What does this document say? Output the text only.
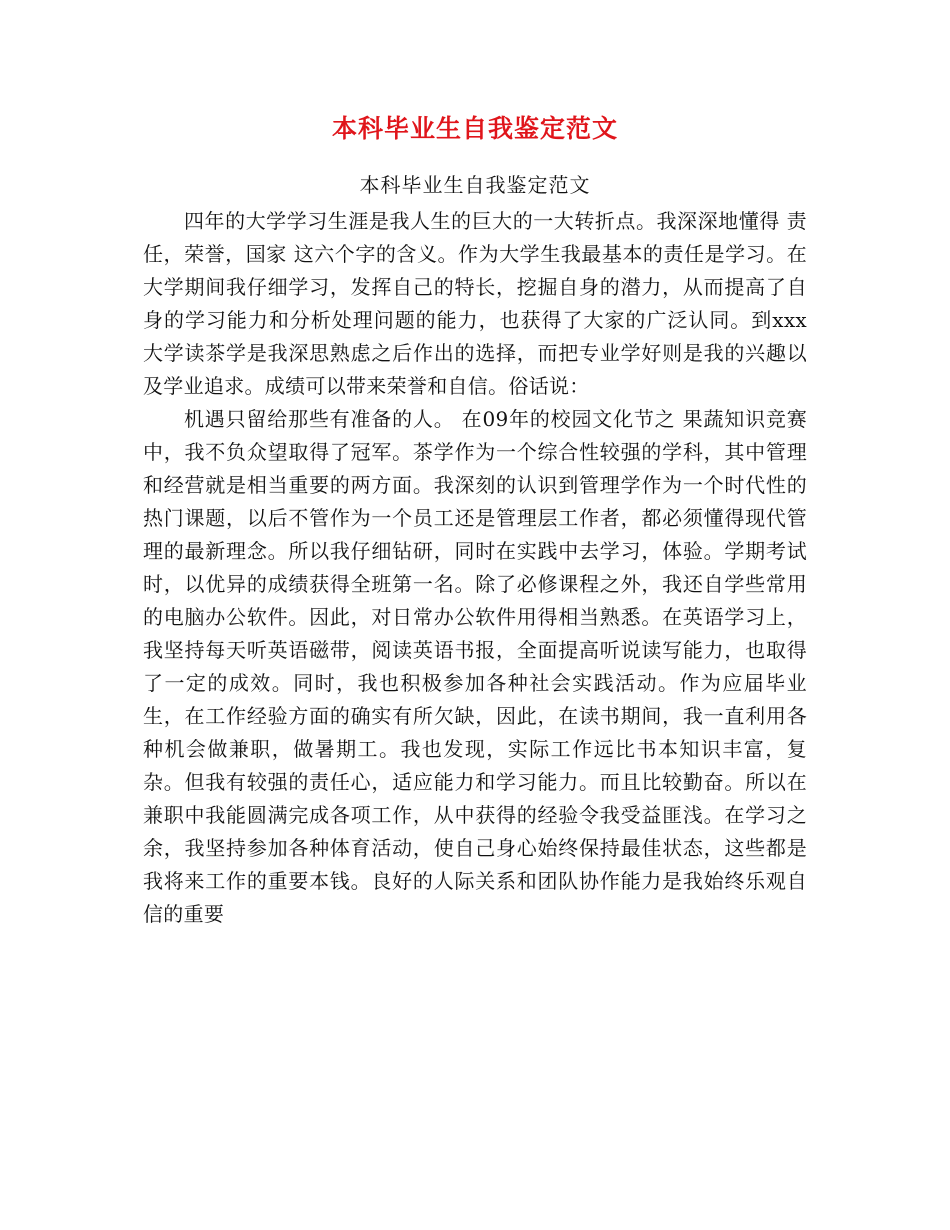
本科毕业生自我鉴定范文
本科毕业生自我鉴定范文

四年的大学学习生涯是我人生的巨大的一大转折点。我深深地懂得 责任，荣誉，国家 这六个字的含义。作为大学生我最基本的责任是学习。在大学期间我仔细学习，发挥自己的特长，挖掘自身的潜力，从而提高了自身的学习能力和分析处理问题的能力，也获得了大家的广泛认同。到xxx大学读茶学是我深思熟虑之后作出的选择，而把专业学好则是我的兴趣以及学业追求。成绩可以带来荣誉和自信。俗话说：

机遇只留给那些有准备的人。 在09年的校园文化节之 果蔬知识竞赛 中，我不负众望取得了冠军。茶学作为一个综合性较强的学科，其中管理和经营就是相当重要的两方面。我深刻的认识到管理学作为一个时代性的热门课题，以后不管作为一个员工还是管理层工作者，都必须懂得现代管理的最新理念。所以我仔细钻研，同时在实践中去学习，体验。学期考试时，以优异的成绩获得全班第一名。除了必修课程之外，我还自学些常用的电脑办公软件。因此，对日常办公软件用得相当熟悉。在英语学习上，我坚持每天听英语磁带，阅读英语书报，全面提高听说读写能力，也取得了一定的成效。同时，我也积极参加各种社会实践活动。作为应届毕业生，在工作经验方面的确实有所欠缺，因此，在读书期间，我一直利用各种机会做兼职，做暑期工。我也发现，实际工作远比书本知识丰富，复杂。但我有较强的责任心，适应能力和学习能力。而且比较勤奋。所以在兼职中我能圆满完成各项工作，从中获得的经验令我受益匪浅。在学习之余，我坚持参加各种体育活动，使自己身心始终保持最佳状态，这些都是我将来工作的重要本钱。良好的人际关系和团队协作能力是我始终乐观自信的重要
